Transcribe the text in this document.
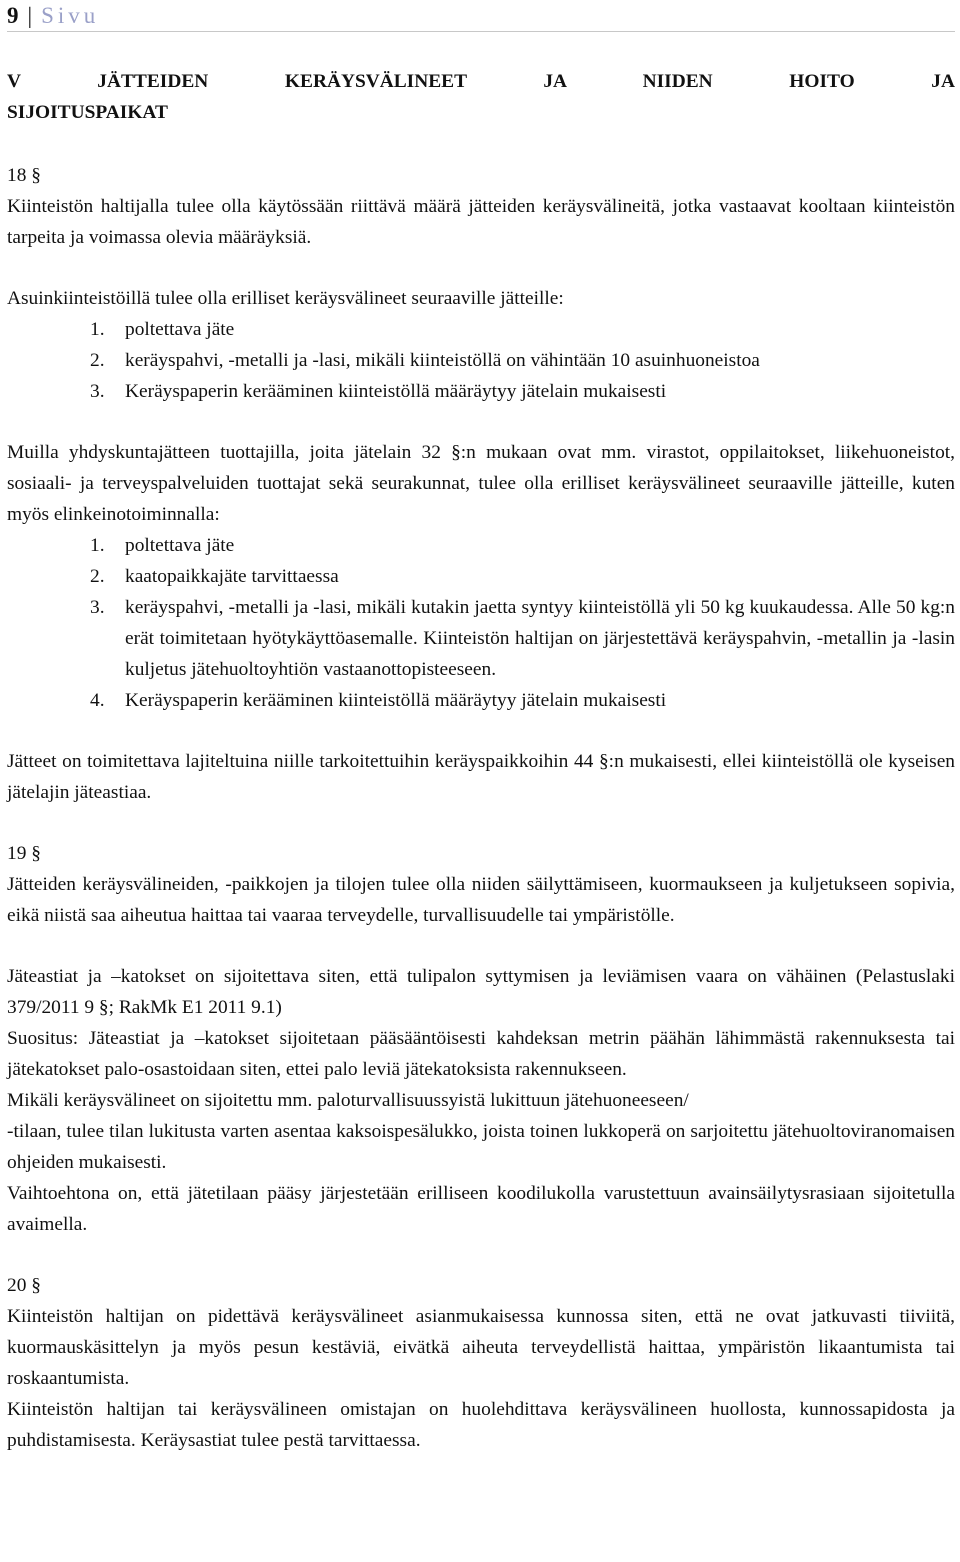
9 | Sivu

V JÄTTEIDEN KERÄYSVÄLINEET JA NIIDEN HOITO JA

SIJOITUSPAIKAT

18 §

Kiinteistön haltijalla tulee olla käytössään riittävä määrä jätteiden keräysvälineitä, jotka vastaavat kooltaan kiinteistön tarpeita ja voimassa olevia määräyksiä.

Asuinkiinteistöillä tulee olla erilliset keräysvälineet seuraaville jätteille:

1. poltettava jäte
2. keräyspahvi, -metalli ja -lasi, mikäli kiinteistöllä on vähintään 10 asuinhuoneistoa
3. Keräyspaperin kerääminen kiinteistöllä määräytyy jätelain mukaisesti

Muilla yhdyskuntajätteen tuottajilla, joita jätelain 32 §:n mukaan ovat mm. virastot, oppilaitokset, liikehuoneistot, sosiaali- ja terveyspalveluiden tuottajat sekä seurakunnat, tulee olla erilliset keräysvälineet seuraaville jätteille, kuten myös elinkeinotoiminnalla:

1. poltettava jäte
2. kaatopaikkajäte tarvittaessa
3. keräyspahvi, -metalli ja -lasi, mikäli kutakin jaetta syntyy kiinteistöllä yli 50 kg kuukaudessa. Alle 50 kg:n erät toimitetaan hyötykäyttöasemalle. Kiinteistön haltijan on järjestettävä keräyspahvin, -metallin ja -lasin kuljetus jätehuoltoyhtiön vastaanottopisteeseen.
4. Keräyspaperin kerääminen kiinteistöllä määräytyy jätelain mukaisesti

Jätteet on toimitettava lajiteltuina niille tarkoitettuihin keräyspaikkoihin 44 §:n mukaisesti, ellei kiinteistöllä ole kyseisen jätelajin jäteastiaa.

19 §

Jätteiden keräysvälineiden, -paikkojen ja tilojen tulee olla niiden säilyttämiseen, kuormaukseen ja kuljetukseen sopivia, eikä niistä saa aiheutua haittaa tai vaaraa terveydelle, turvallisuudelle tai ympäristölle.

Jäteastiat ja –katokset on sijoitettava siten, että tulipalon syttymisen ja leviämisen vaara on vähäinen (Pelastuslaki 379/2011 9 §; RakMk E1 2011 9.1)

Suositus: Jäteastiat ja –katokset sijoitetaan pääsääntöisesti kahdeksan metrin päähän lähimmästä rakennuksesta tai jätekatokset palo-osastoidaan siten, ettei palo leviä jätekatoksista rakennukseen.

Mikäli keräysvälineet on sijoitettu mm. paloturvallisuussyistä lukittuun jätehuoneeseen/

-tilaan, tulee tilan lukitusta varten asentaa kaksoispesälukko, joista toinen lukkoperä on sarjoitettu jätehuoltoviranomaisen ohjeiden mukaisesti.

Vaihtoehtona on, että jätetilaan pääsy järjestetään erilliseen koodilukolla varustettuun avainsäilytysrasiaan sijoitetulla avaimella.

20 §

Kiinteistön haltijan on pidettävä keräysvälineet asianmukaisessa kunnossa siten, että ne ovat jatkuvasti tiiviitä, kuormauskäsittelyn ja myös pesun kestäviä, eivätkä aiheuta terveydellistä haittaa, ympäristön likaantumista tai roskaantumista.

Kiinteistön haltijan tai keräysvälineen omistajan on huolehdittava keräysvälineen huollosta, kunnossapidosta ja puhdistamisesta. Keräysastiat tulee pestä tarvittaessa.
